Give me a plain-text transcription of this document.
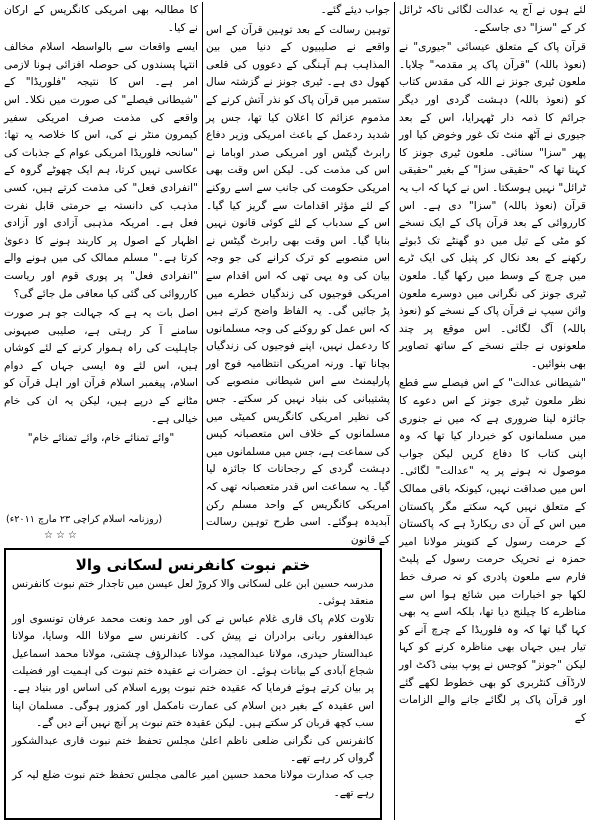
لئے ہوں نے آج یہ عدالت لگائی تاکہ ٹرائل کر کے "سزا" دی جاسکے۔

قرآن پاک کے متعلق عیسائی "جیوری" نے (نعوذ باللہ) "قرآن پاک پر مقدمہ" چلایا۔ ملعون ٹیری جونز نے اللہ کی مقدس کتاب کو (نعوذ باللہ) دہشت گردی اور دیگر جرائم کا ذمہ دار ٹھہرایا، اس کے بعد جیوری نے آٹھ منٹ تک غور وخوض کیا اور پھر "سزا" سنائی۔ ملعون ٹیری جونز کا کہنا تھا کہ "حقیقی سزا" کے بغیر "حقیقی ٹرائل" نہیں ہوسکتا۔ اس نے کہا کہ اب یہ قرآن (نعوذ باللہ) "سزا" دی ہے۔ اس کارروائی کے بعد قرآن پاک کے ایک نسخے کو مٹی کے تیل میں دو گھنٹے تک ڈبوئے رکھنے کے بعد نکال کر پتیل کی ایک ٹرے میں چرچ کے وسط میں رکھا گیا۔ ملعون ٹیری جونز کی نگرانی میں دوسرے ملعون وائن سیپ نے قرآن پاک کے نسخے کو (نعوذ باللہ) آگ لگائی۔ اس موقع پر چند ملعونوں نے جلتے نسخے کے ساتھ تصاویر بھی بنوائیں۔

"شیطانی عدالت" کے اس فیصلے سے قطع نظر ملعون ٹیری جونز کے اس دعوے کا جائزہ لینا ضروری ہے کہ میں نے جنوری میں مسلمانوں کو خبردار کیا تھا کہ وہ اپنی کتاب کا دفاع کریں لیکن جواب موصول نہ ہونے پر یہ "عدالت" لگائی۔ اس میں صداقت نہیں، کیونکہ باقی ممالک کے متعلق نہیں کہہ سکتے مگر پاکستان میں اس کے آن دی ریکارڈ ہے کہ پاکستان کے حرمت رسول کے کنوینر مولانا امیر حمزہ نے تحریک حرمت رسول کے پلیٹ فارم سے ملعون پادری کو نہ صرف خط لکھا جو اخبارات میں شائع ہوا اس سے مناظرے کا چیلنج دیا تھا، بلکہ اسے یہ بھی کہا گیا تھا کہ وہ فلوریڈا کے چرچ آنے کو تیار ہیں جہاں بھی مناظرہ کرنے کو کہا لیکن "جونز" کوجس نے پوپ بینی ڈکٹ اور لارڈآف کنٹربری کو بھی خطوط لکھے گئے اور قرآن پاک پر لگائے جانے والے الزامات کے

جواب دیئے گئے۔

توہین رسالت کے بعد توہین قرآن کے اس واقعے نے صلیبیوں کے دنیا میں بین المذاہب ہم آہنگی کے دعووں کی قلعی کھول دی ہے۔ ٹیری جونز نے گزشتہ سال ستمبر میں قرآن پاک کو نذر آتش کرنے کے مذموم عزائم کا اعلان کیا تھا، جس پر شدید ردعمل کے باعث امریکی وزیر دفاع رابرٹ گیٹس اور امریکی صدر اوباما نے اس کی مذمت کی۔ لیکن اس وقت بھی امریکی حکومت کی جانب سے اسے روکنے کے لئے مؤثر اقدامات سے گریز کیا گیا۔ اس کے سدباب کے لئے کوئی قانون نہیں بنایا گیا۔ اس وقت بھی رابرٹ گیٹس نے اس منصوبے کو ترک کرانے کی جو وجہ بیان کی وہ یہی تھی کہ اس اقدام سے امریکی فوجیوں کی زندگیاں خطرے میں پڑ جائیں گی۔ یہ الفاظ واضح کرتے ہیں کہ اس عمل کو روکنے کی وجہ مسلمانوں کا ردعمل نہیں، اپنے فوجیوں کی زندگیاں بچانا تھا۔ ورنہ امریکی انتظامیہ فوج اور پارلیمنٹ سے اس شیطانی منصوبے کی پشتیبانی کی بنیاد نہیں کر سکتے۔ جس کی نظیر امریکی کانگریس کمیٹی میں مسلمانوں کے خلاف اس متعصبانہ کیس کی سماعت ہے، جس میں مسلمانوں میں دہشت گردی کے رجحانات کا جائزہ لیا گیا۔ یہ سماعت اس قدر متعصبانہ تھی کہ امریکی کانگریس کے واحد مسلم رکن آبدیدہ ہوگئے۔ اسی طرح توہین رسالت کے قانون

کا مطالبہ بھی امریکی کانگریس کے ارکان نے کیا۔

ایسے واقعات سے بالواسطہ اسلام مخالف انتہا پسندوں کی حوصلہ افزائی ہونا لازمی امر ہے۔ اس کا نتیجہ "فلوریڈا" کے "شیطانی فیصلے" کی صورت میں نکلا۔ اس واقعے کی مذمت صرف امریکی سفیر کیمرون منٹر نے کی، اس کا خلاصہ یہ تھا: "سانحہ فلوریڈا امریکی عوام کے جذبات کی عکاسی نہیں کرتا، ہم ایک چھوٹے گروہ کے "انفرادی فعل" کی مذمت کرتے ہیں، کسی مذہب کی دانستہ بے حرمتی قابل نفرت فعل ہے۔ امریکہ مذہبی آزادی اور آزادی اظہار کے اصول پر کاربند ہونے کا دعویٰ کرتا ہے۔" مسلم ممالک کی میں ہونے والے "انفرادی فعل" پر پوری قوم اور ریاست کارروائی کی گئی کیا معافی مل جائے گی؟

اصل بات یہ ہے کہ جہالت جو ہر صورت سامنے آ کر رہتی ہے، صلیبی صیہونی جاہلیت کی راہ ہموار کرنے کے لئے کوشاں ہیں، اس لئے وہ ایسی جہاں کے دوام اسلام، پیغمبر اسلام قرآن اور اہل قرآن کو مٹانے کے درپے ہیں، لیکن یہ ان کی خام خیالی ہے۔

"وائے تمنائے خام، وائے تمنائے خام"

(روزنامہ اسلام کراچی ۲۳ مارچ ۲۰۱۱ء)
☆☆☆
ختم نبوت کانفرنس لسکانی والا

مدرسہ حسین ابن علی لسکانی والا کروڑ لعل عیسن میں تاجدار ختم نبوت کانفرنس منعقد ہوئی۔

تلاوت کلام پاک قاری غلام عباس نے کی اور حمد ونعت محمد عرفان تونسوی اور عبدالغفور ربانی برادران نے پیش کی۔ کانفرنس سے مولانا اللہ وسایا، مولانا عبدالستار حیدری، مولانا عبدالمجید، مولانا عبدالرؤف چشتی، مولانا محمد اسماعیل شجاع آبادی کے بیانات ہوئے۔ ان حضرات نے عقیدہ ختم نبوت کی اہمیت اور فضیلت پر بیان کرتے ہوئے فرمایا کہ عقیدہ ختم نبوت پورے اسلام کی اساس اور بنیاد ہے۔ اس عقیدہ کے بغیر دین اسلام کی عمارت نامکمل اور کمزور ہوگی۔ مسلمان اپنا سب کچھ قربان کر سکتے ہیں۔ لیکن عقیدہ ختم نبوت پر آنچ نہیں آنے دیں گے۔

کانفرنس کی نگرانی ضلعی ناظم اعلیٰ مجلس تحفظ ختم نبوت قاری عبدالشکور گرواں کر رہے تھے۔

جب کہ صدارت مولانا محمد حسین امیر عالمی مجلس تحفظ ختم نبوت ضلع لیہ کر رہے تھے۔
